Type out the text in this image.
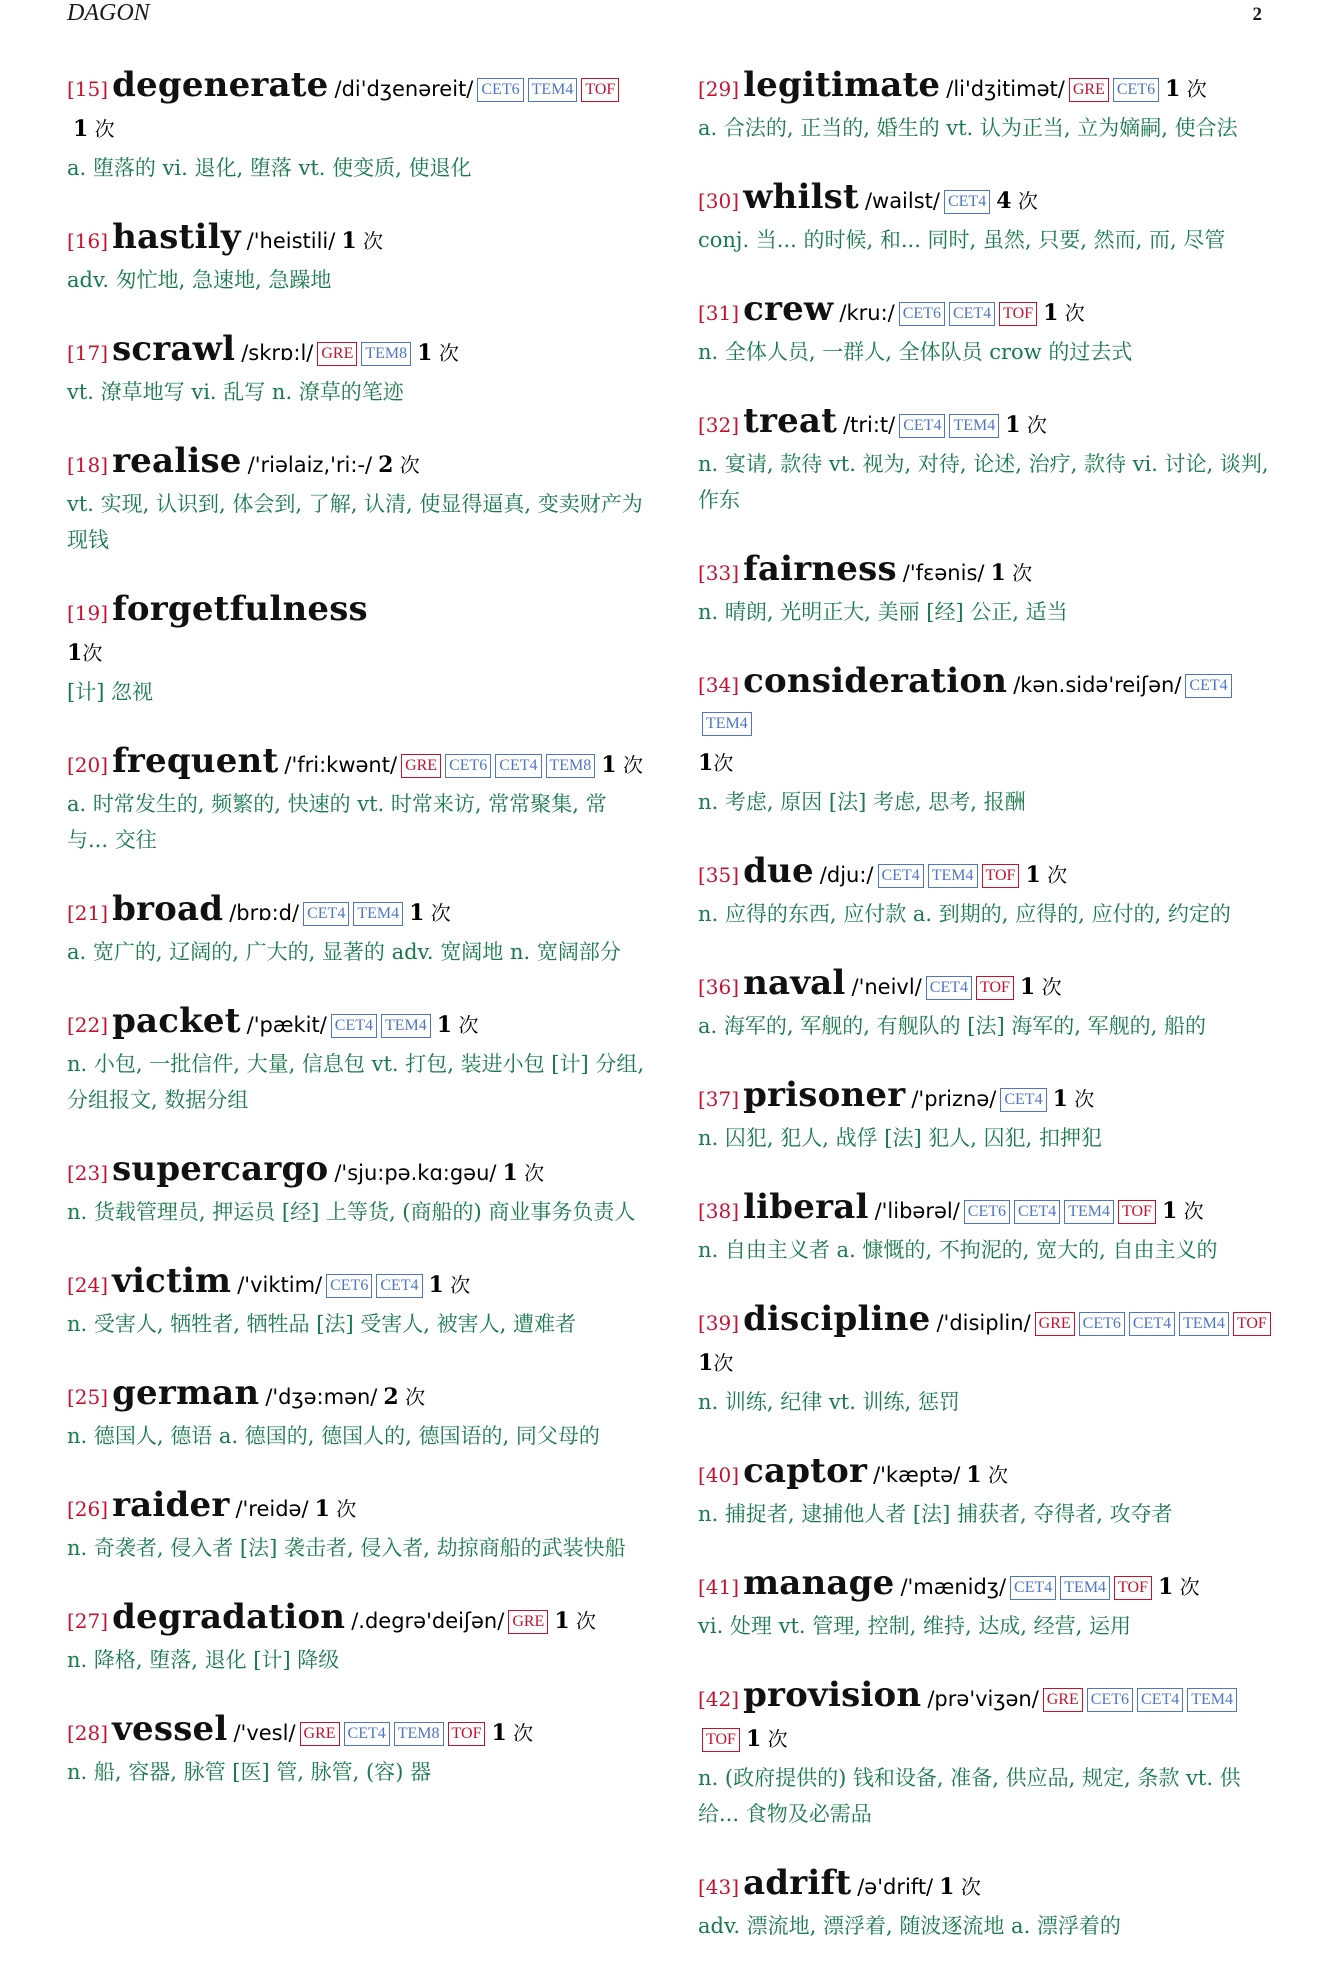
DAGON	2
[15] degenerate /di'dʒenəreit/ CET6 TEM4 TOF1 次
a. 堕落的 vi. 退化, 堕落 vt. 使变质, 使退化
[16] hastily /'heistili/ 1 次
adv. 匆忙地, 急速地, 急躁地
[17] scrawl /skrɒ:l/ GRE TEM8 1 次
vt. 潦草地写 vi. 乱写 n. 潦草的笔迹
[18] realise /'riəlaiz,'ri:-/ 2 次
vt. 实现, 认识到, 体会到, 了解, 认清, 使显得逼真, 变卖财产为现钱
[19] forgetfulness
1次
[计] 忽视
[20] frequent /'fri:kwənt/ GRE CET6 CET4 TEM8 1 次
a. 时常发生的, 频繁的, 快速的 vt. 时常来访, 常常聚集, 常与... 交往
[21] broad /brɒ:d/ CET4 TEM4 1 次
a. 宽广的, 辽阔的, 广大的, 显著的 adv. 宽阔地 n. 宽阔部分
[22] packet /'pækit/ CET4 TEM4 1 次
n. 小包, 一批信件, 大量, 信息包 vt. 打包, 装进小包 [计] 分组, 分组报文, 数据分组
[23] supercargo /'sju:pə.kɑ:gəu/ 1 次
n. 货载管理员, 押运员 [经] 上等货, (商船的) 商业事务负责人
[24] victim /'viktim/ CET6 CET4 1 次
n. 受害人, 牺牲者, 牺牲品 [法] 受害人, 被害人, 遭难者
[25] german /'dʒə:mən/ 2 次
n. 德国人, 德语 a. 德国的, 德国人的, 德国语的, 同父母的
[26] raider /'reidə/ 1 次
n. 奇袭者, 侵入者 [法] 袭击者, 侵入者, 劫掠商船的武装快船
[27] degradation /.degrə'deiʃən/ GRE 1 次
n. 降格, 堕落, 退化 [计] 降级
[28] vessel /'vesl/ GRE CET4 TEM8 TOF 1 次
n. 船, 容器, 脉管 [医] 管, 脉管, (容) 器
[29] legitimate /li'dʒitimət/ GRE CET6 1 次
a. 合法的, 正当的, 婚生的 vt. 认为正当, 立为嫡嗣, 使合法
[30] whilst /wailst/ CET4 4 次
conj. 当... 的时候, 和... 同时, 虽然, 只要, 然而, 而, 尽管
[31] crew /kru:/ CET6 CET4 TOF 1 次
n. 全体人员, 一群人, 全体队员 crow 的过去式
[32] treat /tri:t/ CET4 TEM4 1 次
n. 宴请, 款待 vt. 视为, 对待, 论述, 治疗, 款待 vi. 讨论, 谈判, 作东
[33] fairness /'fɛənis/ 1 次
n. 晴朗, 光明正大, 美丽 [经] 公正, 适当
[34] consideration /kən.sidə'reiʃən/ CET4TEM4
1次
n. 考虑, 原因 [法] 考虑, 思考, 报酬
[35] due /dju:/ CET4 TEM4 TOF 1 次
n. 应得的东西, 应付款 a. 到期的, 应得的, 应付的, 约定的
[36] naval /'neivl/ CET4 TOF 1 次
a. 海军的, 军舰的, 有舰队的 [法] 海军的, 军舰的, 船的
[37] prisoner /'priznə/ CET4 1 次
n. 囚犯, 犯人, 战俘 [法] 犯人, 囚犯, 扣押犯
[38] liberal /'libərəl/ CET6 CET4 TEM4 TOF 1 次
n. 自由主义者 a. 慷慨的, 不拘泥的, 宽大的, 自由主义的
[39] discipline /'disiplin/ GRE CET6 CET4 TEM4 TOF
1次
n. 训练, 纪律 vt. 训练, 惩罚
[40] captor /'kæptə/ 1 次
n. 捕捉者, 逮捕他人者 [法] 捕获者, 夺得者, 攻夺者
[41] manage /'mænidʒ/ CET4 TEM4 TOF 1 次
vi. 处理 vt. 管理, 控制, 维持, 达成, 经营, 运用
[42] provision /prə'viʒən/ GRE CET6 CET4 TEM4TOF 1 次
n. (政府提供的) 钱和设备, 准备, 供应品, 规定, 条款 vt. 供给... 食物及必需品
[43] adrift /ə'drift/ 1 次
adv. 漂流地, 漂浮着, 随波逐流地 a. 漂浮着的
